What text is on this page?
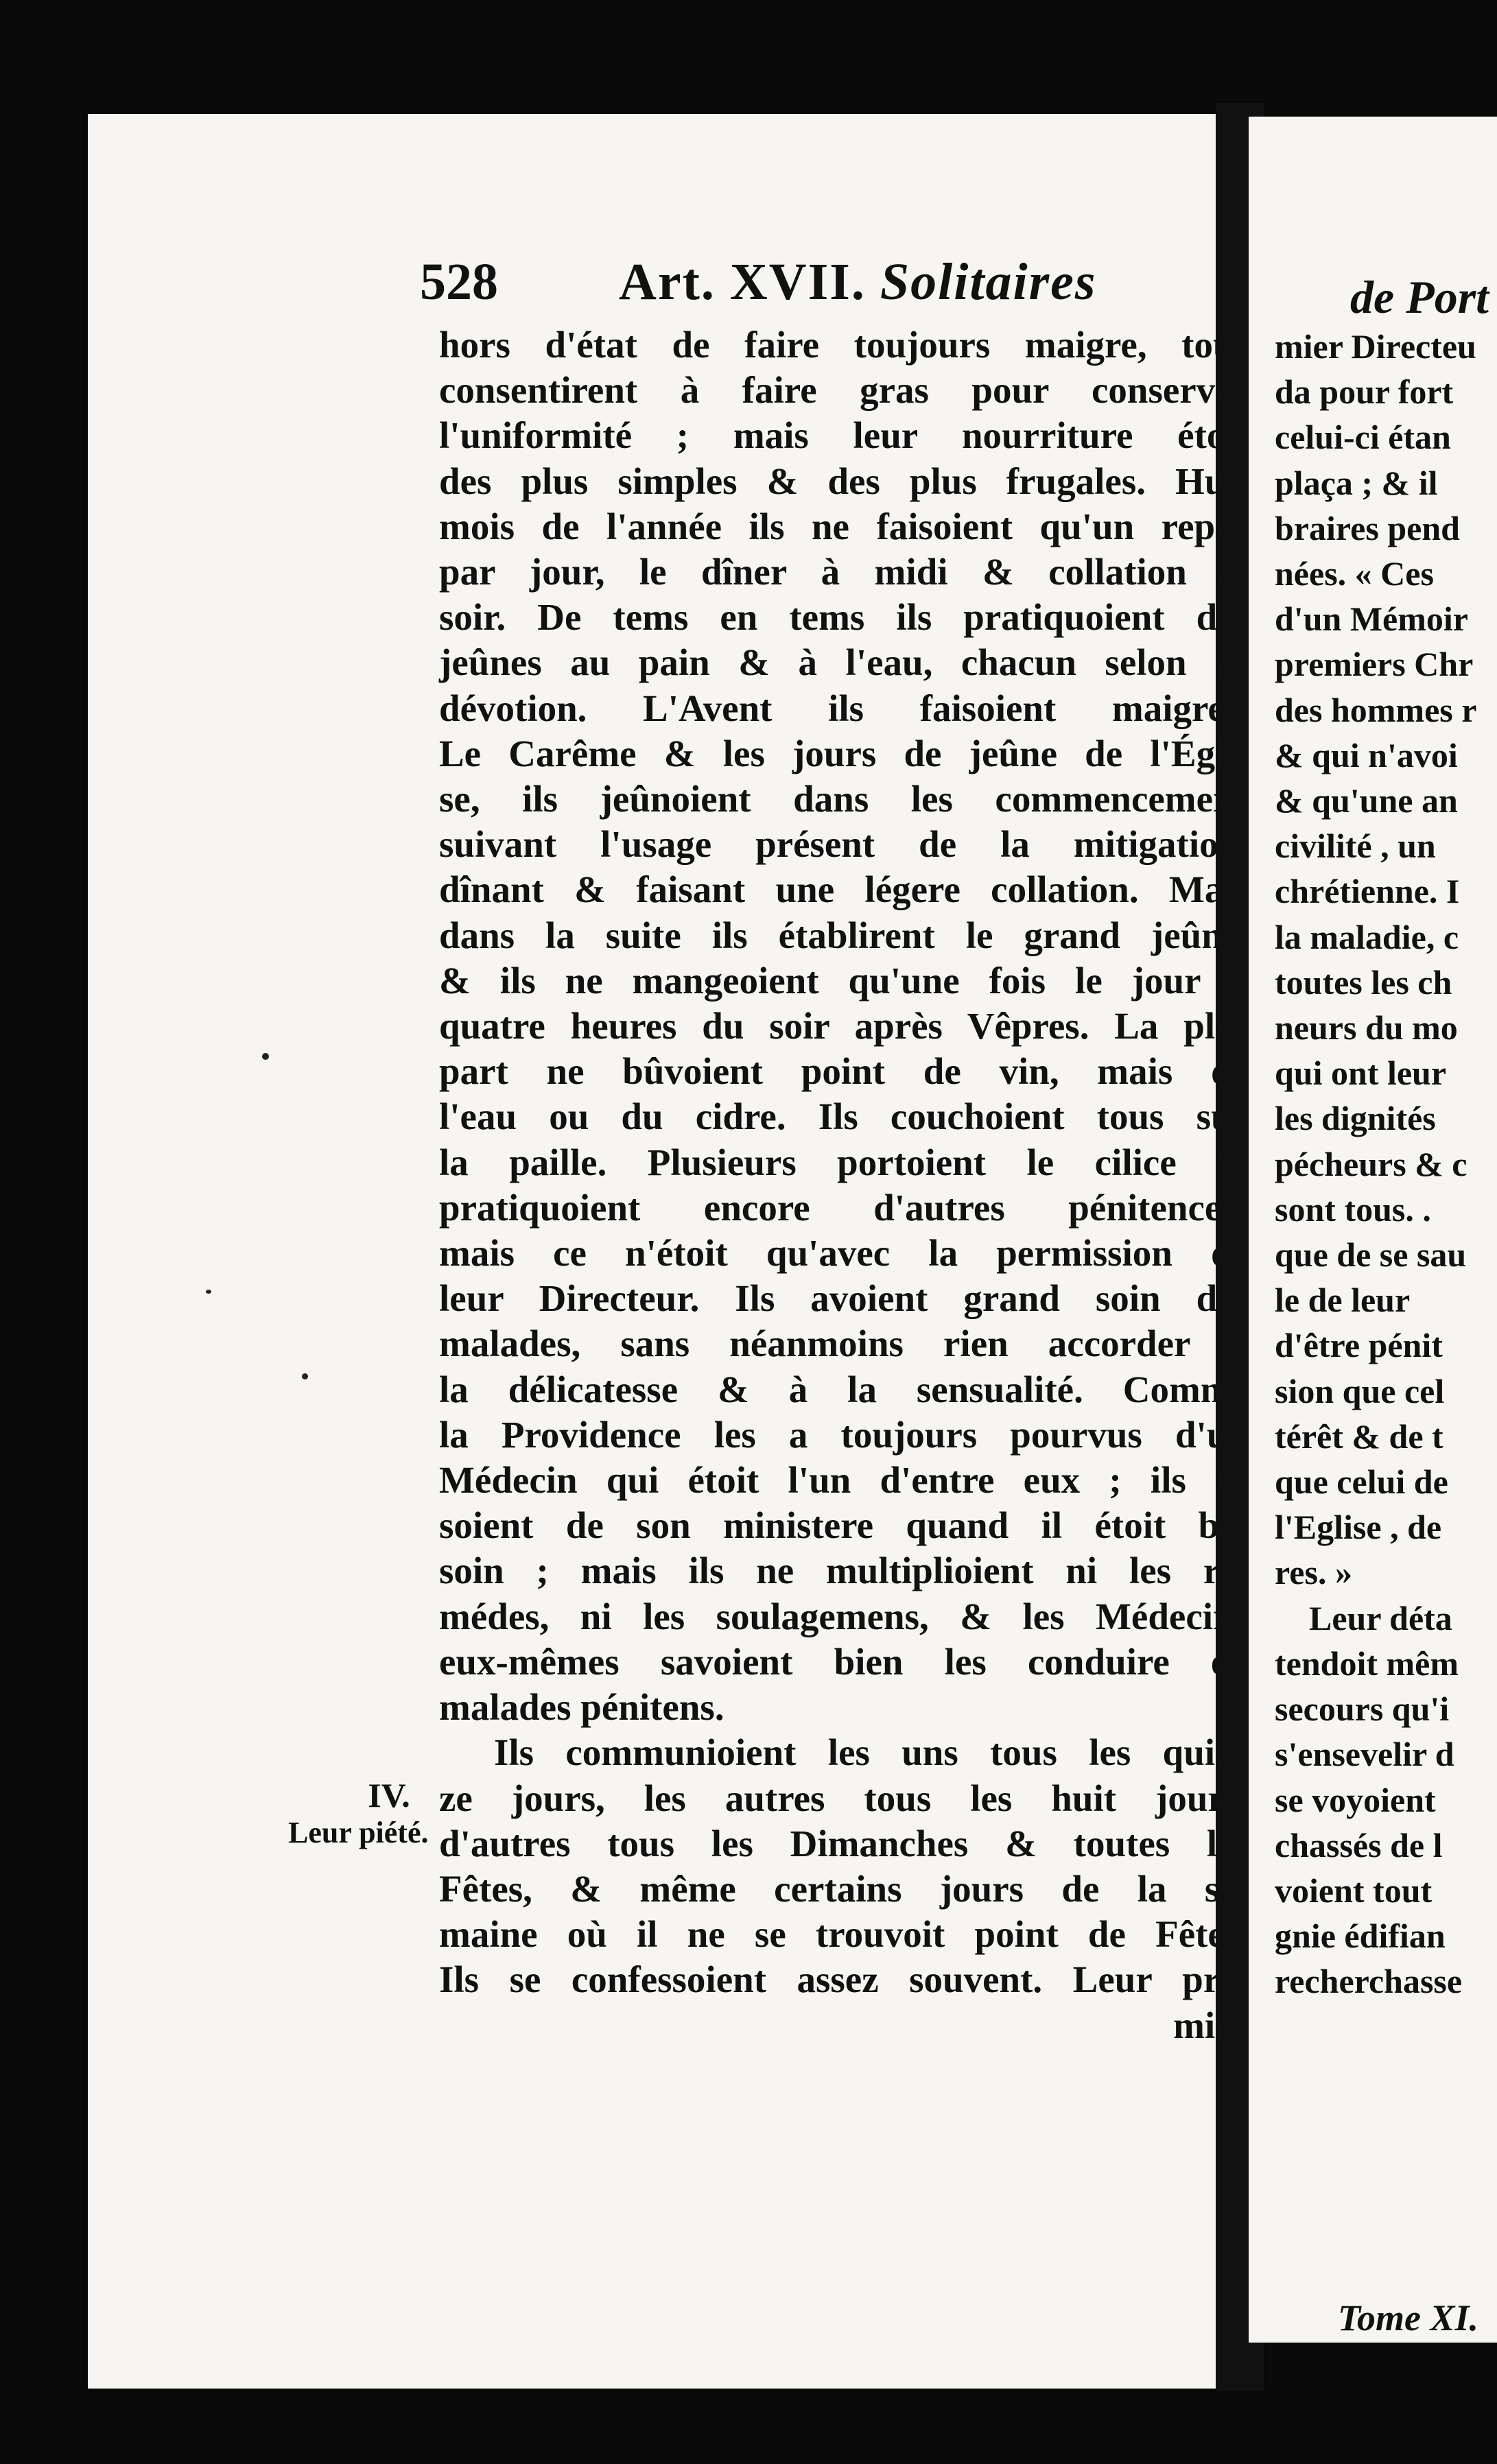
de Port
mier Directeu
da pour fort
celui-ci étan
plaça ; & il
braires pend
nées. « Ces
d'un Mémoir
premiers Chr
des hommes r
& qui n'avoi
& qu'une an
civilité , un
chrétienne. I
la maladie, c
toutes les ch
neurs du mo
qui ont leur
les dignités
pécheurs & c
sont tous. .
que de se sau
le de leur
d'être pénit
sion que cel
térêt & de t
que celui de
l'Eglise , de
res. »
Leur déta
tendoit mêm
secours qu'i
s'ensevelir d
se voyoient
chassés de l
voient tout
gnie édifian
recherchasse
Tome XI.
528 Art. XVII. Solitaires
hors d'état de faire toujours maigre, tous
consentirent à faire gras pour conserver
l'uniformité ; mais leur nourriture étoit
des plus simples & des plus frugales. Huit
mois de l'année ils ne faisoient qu'un repas
par jour, le dîner à midi & collation le
soir. De tems en tems ils pratiquoient des
jeûnes au pain & à l'eau, chacun selon sa
dévotion. L'Avent ils faisoient maigres.
Le Carême & les jours de jeûne de l'Égli-
se, ils jeûnoient dans les commencemens
suivant l'usage présent de la mitigation,
dînant & faisant une légere collation. Mais
dans la suite ils établirent le grand jeûne,
& ils ne mangeoient qu'une fois le jour à
quatre heures du soir après Vêpres. La plû-
part ne bûvoient point de vin, mais de
l'eau ou du cidre. Ils couchoient tous sur
la paille. Plusieurs portoient le cilice &
pratiquoient encore d'autres pénitences;
mais ce n'étoit qu'avec la permission de
leur Directeur. Ils avoient grand soin des
malades, sans néanmoins rien accorder à
la délicatesse & à la sensualité. Comme
la Providence les a toujours pourvus d'un
Médecin qui étoit l'un d'entre eux ; ils u-
soient de son ministere quand il étoit be-
soin ; mais ils ne multiplioient ni les re-
médes, ni les soulagemens, & les Médecins
eux-mêmes savoient bien les conduire en
malades pénitens.
Ils communioient les uns tous les quin-
ze jours, les autres tous les huit jours,
d'autres tous les Dimanches & toutes les
Fêtes, & même certains jours de la se-
maine où il ne se trouvoit point de Fêtes.
Ils se confessoient assez souvent. Leur pre-
mier
IV.
Leur piété.
